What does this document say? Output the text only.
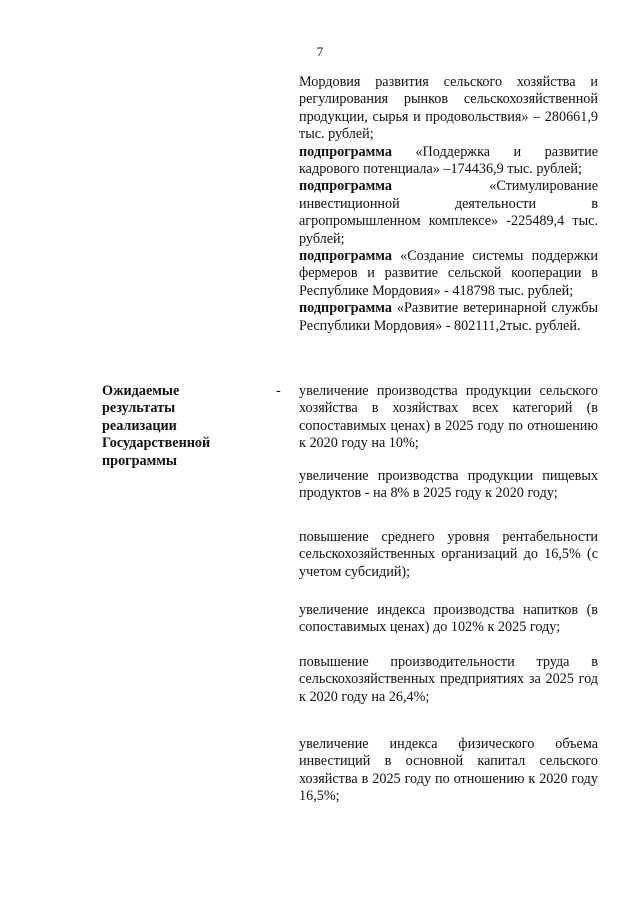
7

Мордовия развития сельского хозяйства и регулирования рынков сельскохозяйственной продукции, сырья и продовольствия» – 280661,9 тыс. рублей;

подпрограмма «Поддержка и развитие кадрового потенциала» –174436,9 тыс. рублей;

подпрограмма «Стимулирование инвестиционной деятельности в агропромышленном комплексе» -225489,4 тыс. рублей;

подпрограмма «Создание системы поддержки фермеров и развитие сельской кооперации в Республике Мордовия» - 418798 тыс. рублей;

подпрограмма «Развитие ветеринарной службы Республики Мордовия» - 802111,2тыс. рублей.

Ожидаемые результаты реализации Государственной программы
- увеличение производства продукции сельского хозяйства в хозяйствах всех категорий (в сопоставимых ценах) в 2025 году по отношению к 2020 году на 10%;

увеличение производства продукции пищевых продуктов - на 8% в 2025 году к 2020 году;

повышение среднего уровня рентабельности сельскохозяйственных организаций до 16,5% (с учетом субсидий);

увеличение индекса производства напитков (в сопоставимых ценах) до 102% к 2025 году;

повышение производительности труда в сельскохозяйственных предприятиях за 2025 год к 2020 году на 26,4%;

увеличение индекса физического объема инвестиций в основной капитал сельского хозяйства в 2025 году по отношению к 2020 году 16,5%;
